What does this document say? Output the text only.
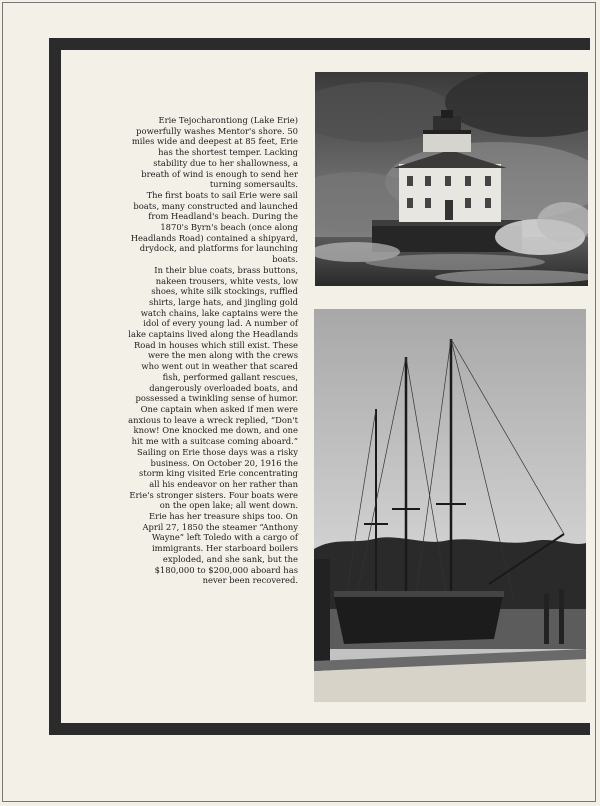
Erie Tejocharontiong (Lake Erie) powerfully washes Mentor's shore. 50 miles wide and deepest at 85 feet, Erie has the shortest temper. Lacking stability due to her shallowness, a breath of wind is enough to send her turning somersaults.

The first boats to sail Erie were sail boats, many constructed and launched from Headland's beach. During the 1870's Byrn's beach (once along Headlands Road) contained a shipyard, drydock, and platforms for launching boats.

In their blue coats, brass buttons, nakeen trousers, white vests, low shoes, white silk stockings, ruffled shirts, large hats, and jingling gold watch chains, lake captains were the idol of every young lad. A number of lake captains lived along the Headlands Road in houses which still exist. These were the men along with the crews who went out in weather that scared fish, performed gallant rescues, dangerously overloaded boats, and possessed a twinkling sense of humor. One captain when asked if men were anxious to leave a wreck replied, “Don't know! One knocked me down, and one hit me with a suitcase coming aboard.”

Sailing on Erie those days was a risky business. On October 20, 1916 the storm king visited Erie concentrating all his endeavor on her rather than Erie's stronger sisters. Four boats were on the open lake; all went down.

Erie has her treasure ships too. On April 27, 1850 the steamer “Anthony Wayne” left Toledo with a cargo of immigrants. Her starboard boilers exploded, and she sank, but the $180,000 to $200,000 aboard has never been recovered.
